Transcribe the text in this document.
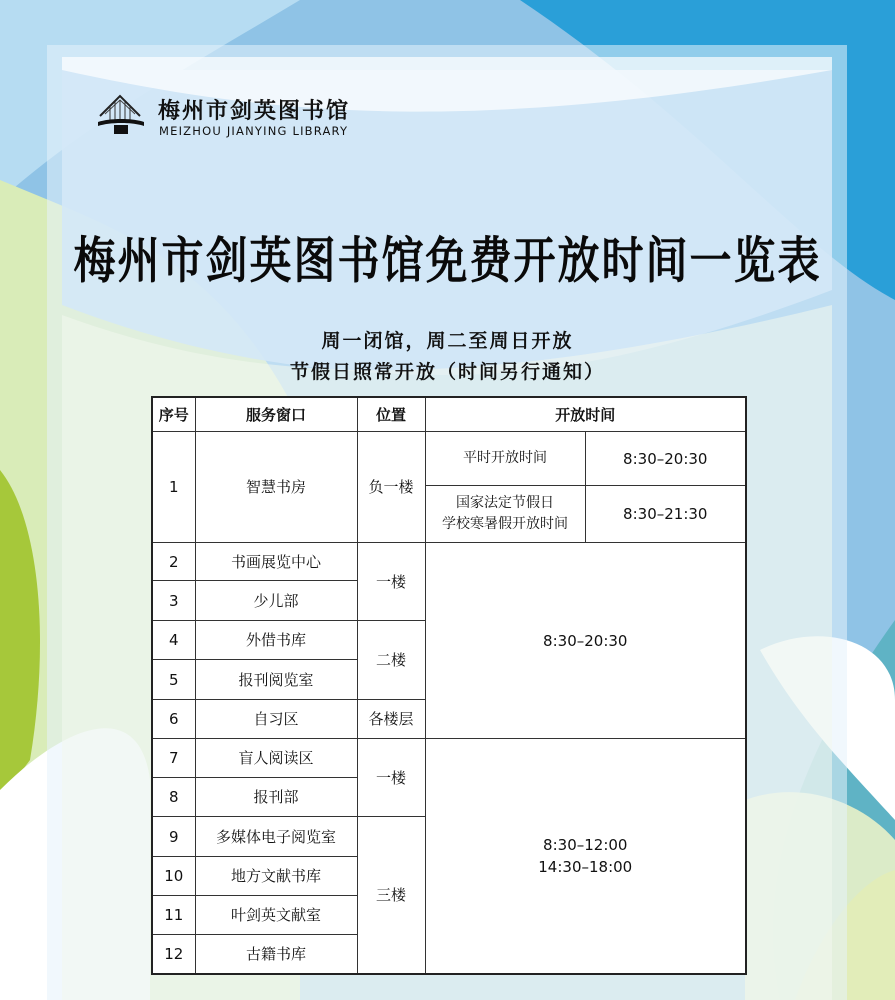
梅州市剑英图书馆
MEIZHOU JIANYING LIBRARY
梅州市剑英图书馆免费开放时间一览表
周一闭馆，周二至周日开放
节假日照常开放（时间另行通知）
序号	服务窗口	位置	开放时间	
1	智慧书房	负一楼	平时开放时间	8:30–20:30

			国家法定节假日
学校寒暑假开放时间	8:30–21:30
2	书画展览中心	一楼	8:30–20:30	
3	少儿部			
4	外借书库	二楼		
5	报刊阅览室			
6	自习区	各楼层		
7	盲人阅读区	一楼	8:30–12:00
14:30–18:00	

8	报刊部			
9	多媒体电子阅览室	三楼		
10	地方文献书库			
11	叶剑英文献室			
12	古籍书库			
